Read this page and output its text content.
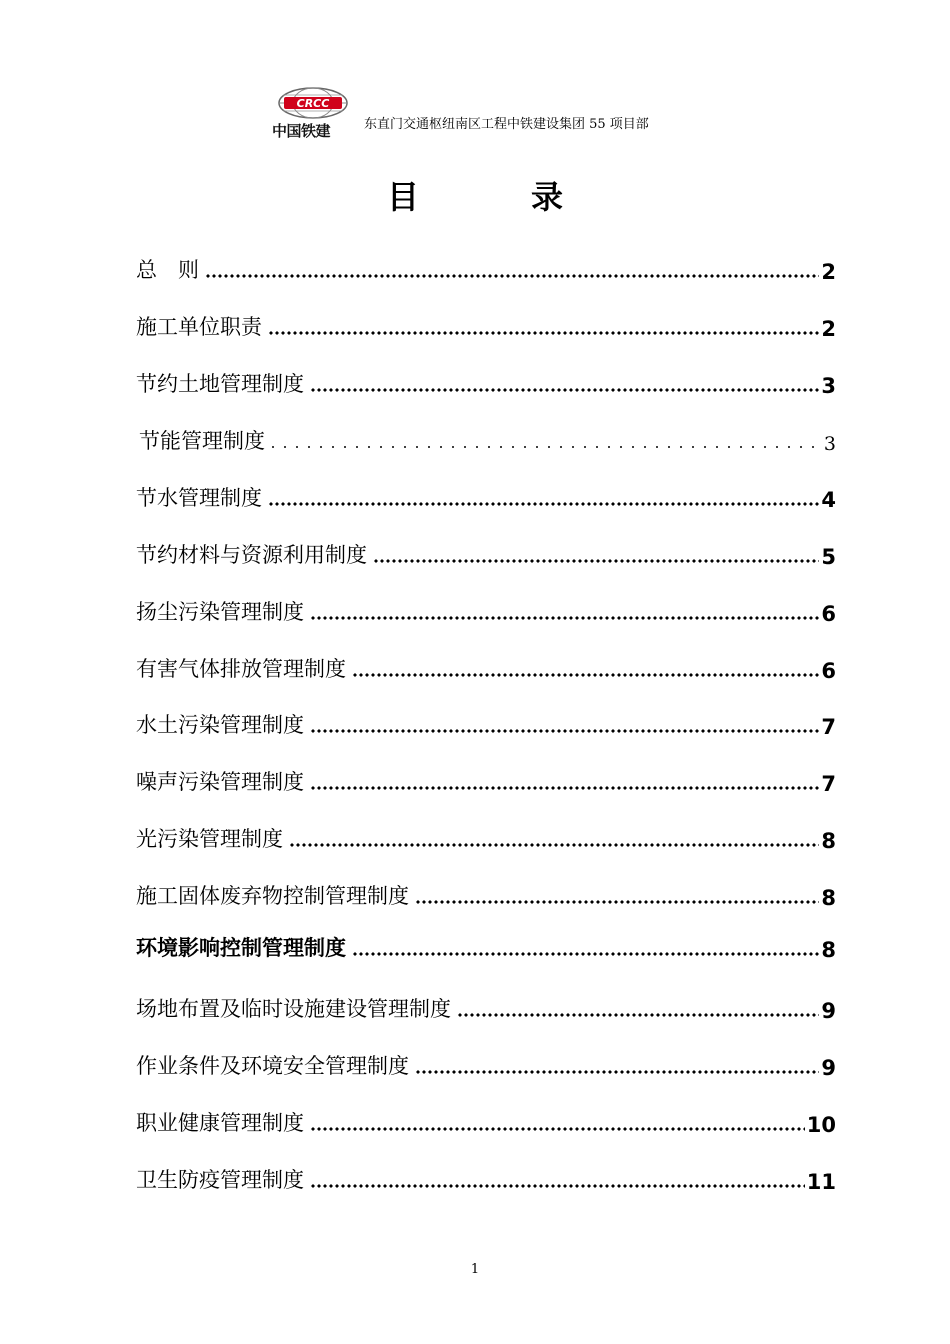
CRCC
中国铁建	东直门交通枢纽南区工程中铁建设集团 55 项目部
目　录
总　则	2
施工单位职责	2
节约土地管理制度	3
节能管理制度	3
节水管理制度	4
节约材料与资源利用制度	5
扬尘污染管理制度	6
有害气体排放管理制度	6
水土污染管理制度	7
噪声污染管理制度	7
光污染管理制度	8
施工固体废弃物控制管理制度	8
环境影响控制管理制度	8
场地布置及临时设施建设管理制度	9
作业条件及环境安全管理制度	9
职业健康管理制度	10
卫生防疫管理制度	11
1
